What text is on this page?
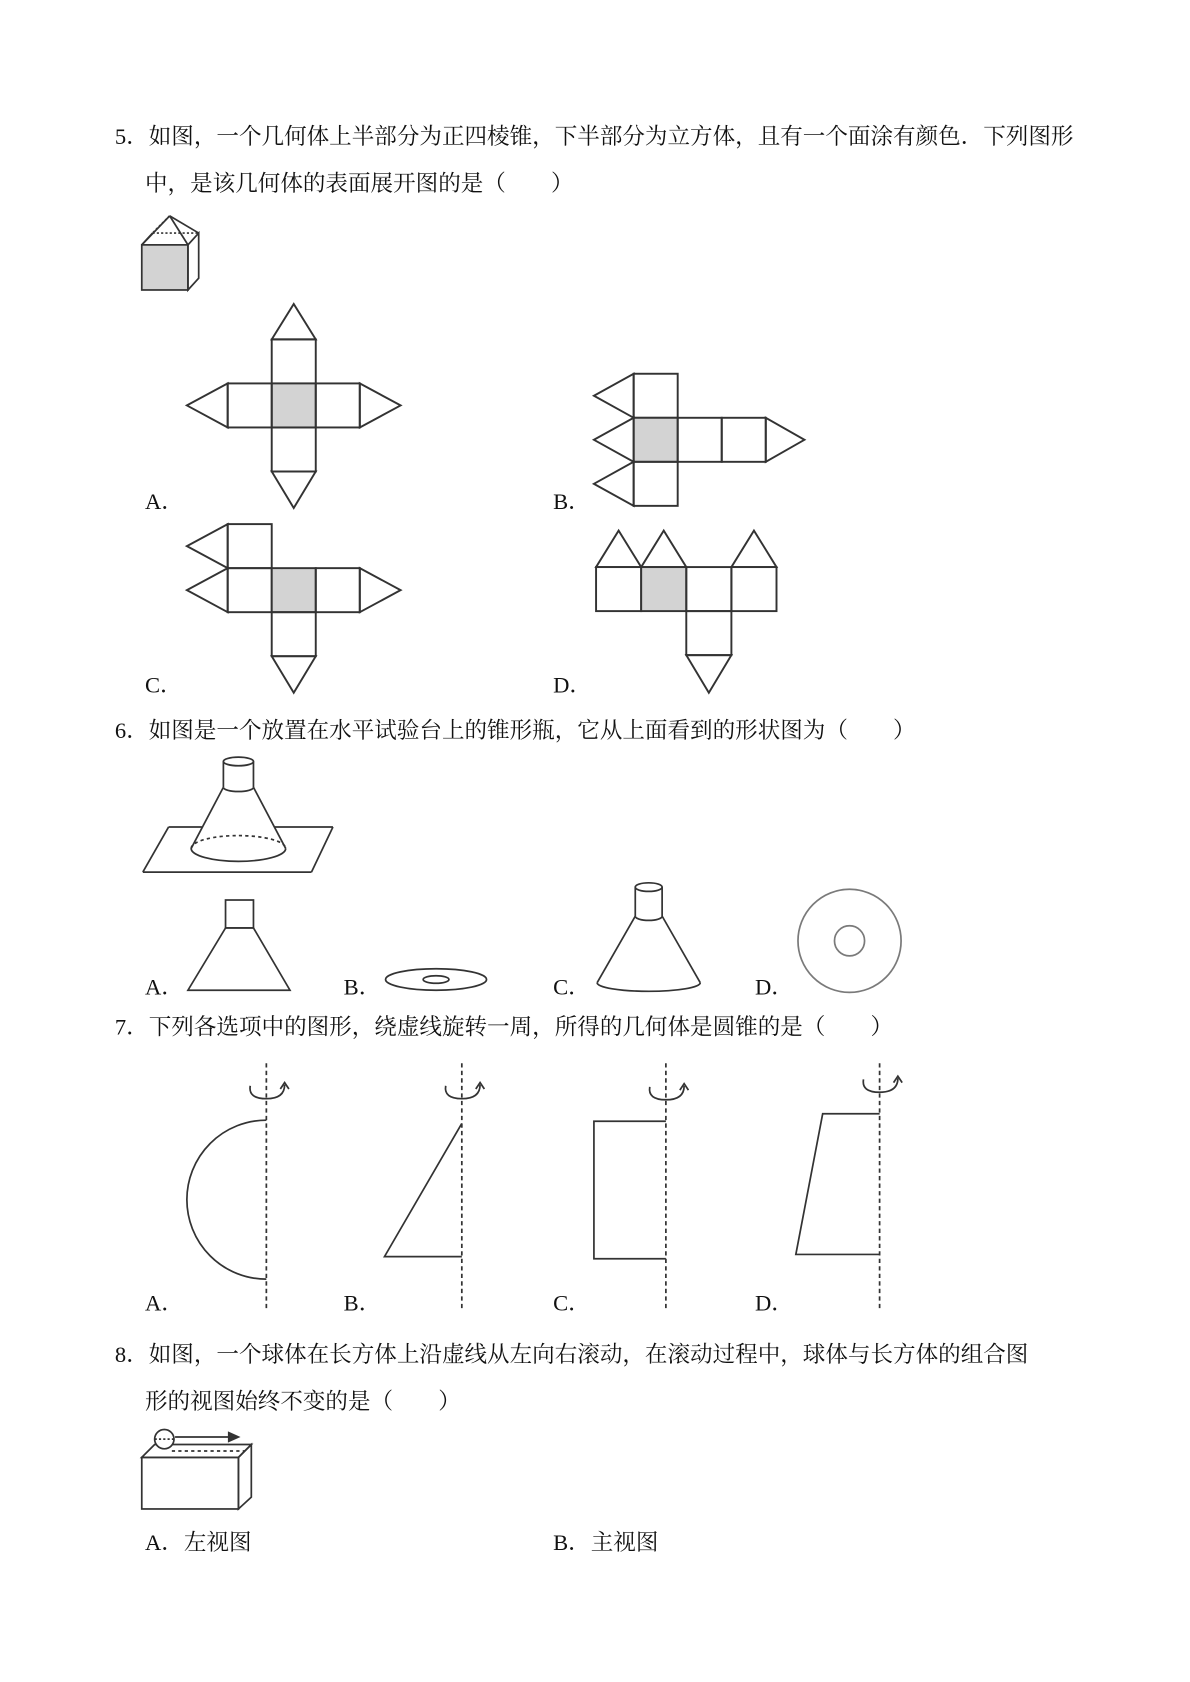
5．如图，一个几何体上半部分为正四棱锥，下半部分为立方体，且有一个面涂有颜色．下列图形
中，是该几何体的表面展开图的是（　　）
A．	B．
C．	D．
6．如图是一个放置在水平试验台上的锥形瓶，它从上面看到的形状图为（　　）
A．	B．	C．	D．
7．下列各选项中的图形，绕虚线旋转一周，所得的几何体是圆锥的是（　　）
A．	B．	C．	D．
8．如图，一个球体在长方体上沿虚线从左向右滚动，在滚动过程中，球体与长方体的组合图
形的视图始终不变的是（　　）
A．左视图	B．主视图
